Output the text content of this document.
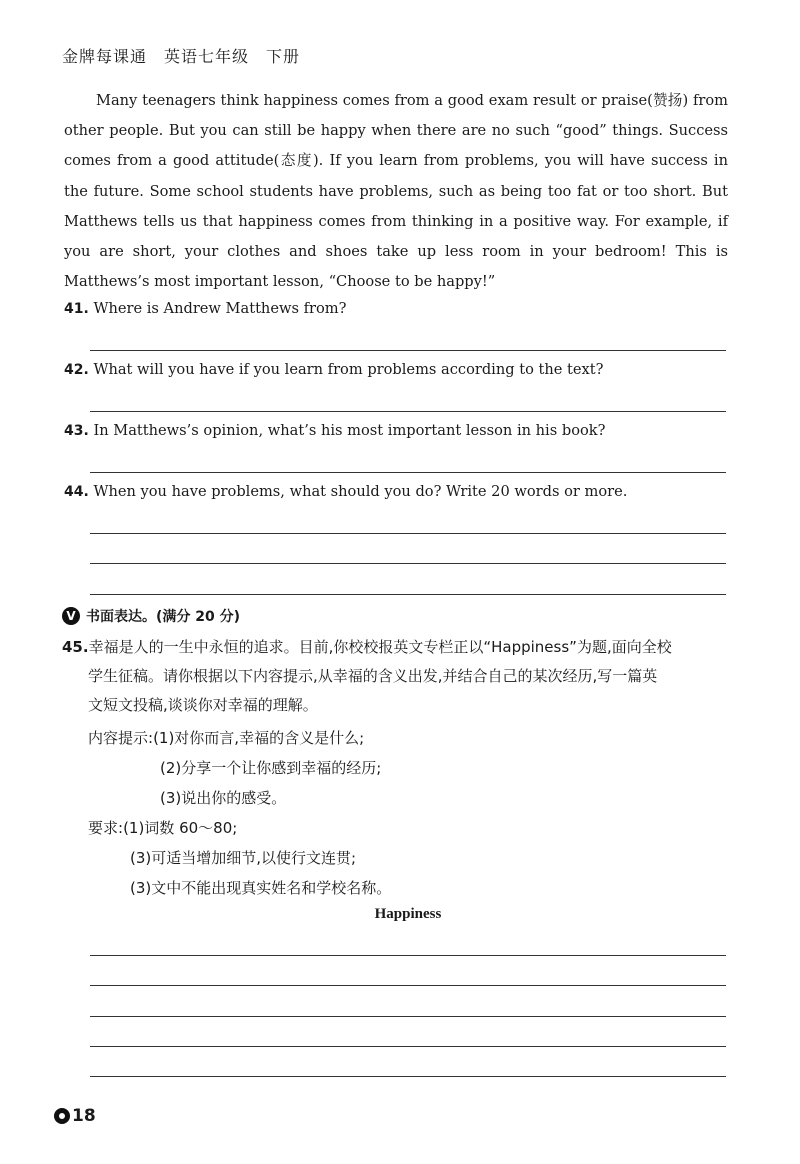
金牌每课通　英语七年级　下册

Many teenagers think happiness comes from a good exam result or praise(赞扬) from other people. But you can still be happy when there are no such “good” things. Success comes from a good attitude(态度). If you learn from problems, you will have success in the future. Some school students have problems, such as being too fat or too short. But Matthews tells us that happiness comes from thinking in a positive way. For example, if you are short, your clothes and shoes take up less room in your bedroom! This is Matthews’s most important lesson, “Choose to be happy!”

41. Where is Andrew Matthews from?
42. What will you have if you learn from problems according to the text?
43. In Matthews’s opinion, what’s his most important lesson in his book?
44. When you have problems, what should you do? Write 20 words or more.
V 书面表达。(满分 20 分)
45.幸福是人的一生中永恒的追求。目前,你校校报英文专栏正以“Happiness”为题,面向全校
学生征稿。请你根据以下内容提示,从幸福的含义出发,并结合自己的某次经历,写一篇英
文短文投稿,谈谈你对幸福的理解。
内容提示:(1)对你而言,幸福的含义是什么;
(2)分享一个让你感到幸福的经历;
(3)说出你的感受。
要求:(1)词数 60～80;
(3)可适当增加细节,以使行文连贯;
(3)文中不能出现真实姓名和学校名称。
Happiness
18
